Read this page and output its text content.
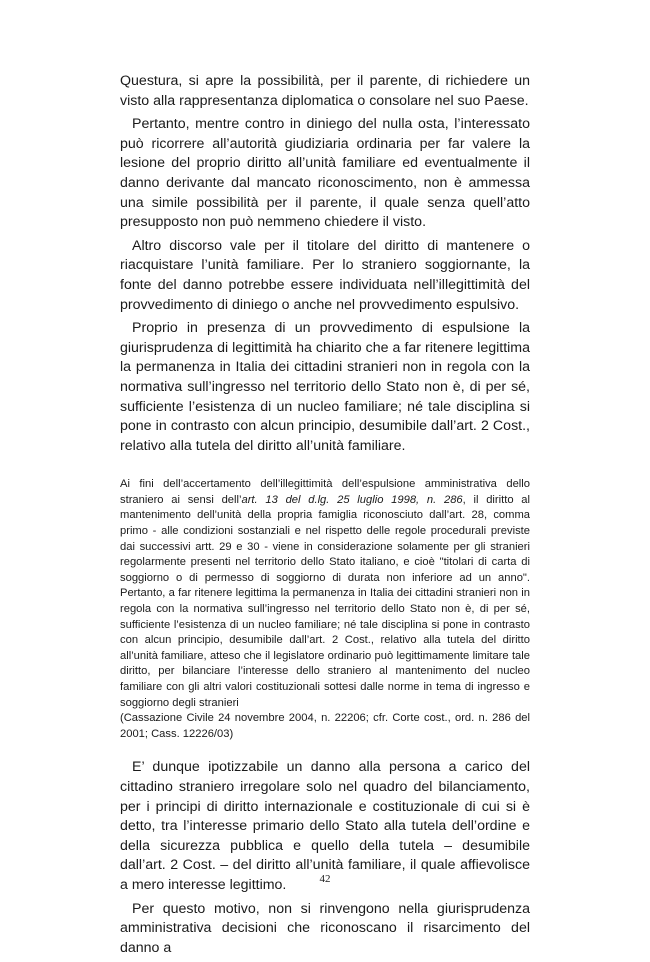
Questura, si apre la possibilità, per il parente, di richiedere un visto alla rappresentanza diplomatica o consolare nel suo Paese.

Pertanto, mentre contro in diniego del nulla osta, l’interessato può ricorrere all’autorità giudiziaria ordinaria per far valere la lesione del proprio diritto all’unità familiare ed eventualmente il danno derivante dal mancato riconoscimento, non è ammessa una simile possibilità per il parente, il quale senza quell’atto presupposto non può nemmeno chiedere il visto.

Altro discorso vale per il titolare del diritto di mantenere o riacquistare l’unità familiare. Per lo straniero soggiornante, la fonte del danno potrebbe essere individuata nell’illegittimità del provvedimento di diniego o anche nel provvedimento espulsivo.

Proprio in presenza di un provvedimento di espulsione la giurisprudenza di legittimità ha chiarito che a far ritenere legittima la permanenza in Italia dei cittadini stranieri non in regola con la normativa sull’ingresso nel territorio dello Stato non è, di per sé, sufficiente l’esistenza di un nucleo familiare; né tale disciplina si pone in contrasto con alcun principio, desumibile dall’art. 2 Cost., relativo alla tutela del diritto all’unità familiare.

Ai fini dell’accertamento dell’illegittimità dell’espulsione amministrativa dello straniero ai sensi dell’art. 13 del d.lg. 25 luglio 1998, n. 286, il diritto al mantenimento dell’unità della propria famiglia riconosciuto dall’art. 28, comma primo - alle condizioni sostanziali e nel rispetto delle regole procedurali previste dai successivi artt. 29 e 30 - viene in considerazione solamente per gli stranieri regolarmente presenti nel territorio dello Stato italiano, e cioè "titolari di carta di soggiorno o di permesso di soggiorno di durata non inferiore ad un anno". Pertanto, a far ritenere legittima la permanenza in Italia dei cittadini stranieri non in regola con la normativa sull’ingresso nel territorio dello Stato non è, di per sé, sufficiente l’esistenza di un nucleo familiare; né tale disciplina si pone in contrasto con alcun principio, desumibile dall’art. 2 Cost., relativo alla tutela del diritto all’unità familiare, atteso che il legislatore ordinario può legittimamente limitare tale diritto, per bilanciare l’interesse dello straniero al mantenimento del nucleo familiare con gli altri valori costituzionali sottesi dalle norme in tema di ingresso e soggiorno degli stranieri
(Cassazione Civile 24 novembre 2004, n. 22206; cfr. Corte cost., ord. n. 286 del 2001; Cass. 12226/03)

E’ dunque ipotizzabile un danno alla persona a carico del cittadino straniero irregolare solo nel quadro del bilanciamento, per i principi di diritto internazionale e costituzionale di cui si è detto, tra l’interesse primario dello Stato alla tutela dell’ordine e della sicurezza pubblica e quello della tutela – desumibile dall’art. 2 Cost. – del diritto all’unità familiare, il quale affievolisce a mero interesse legittimo.

Per questo motivo, non si rinvengono nella giurisprudenza amministrativa decisioni che riconoscano il risarcimento del danno a

42
